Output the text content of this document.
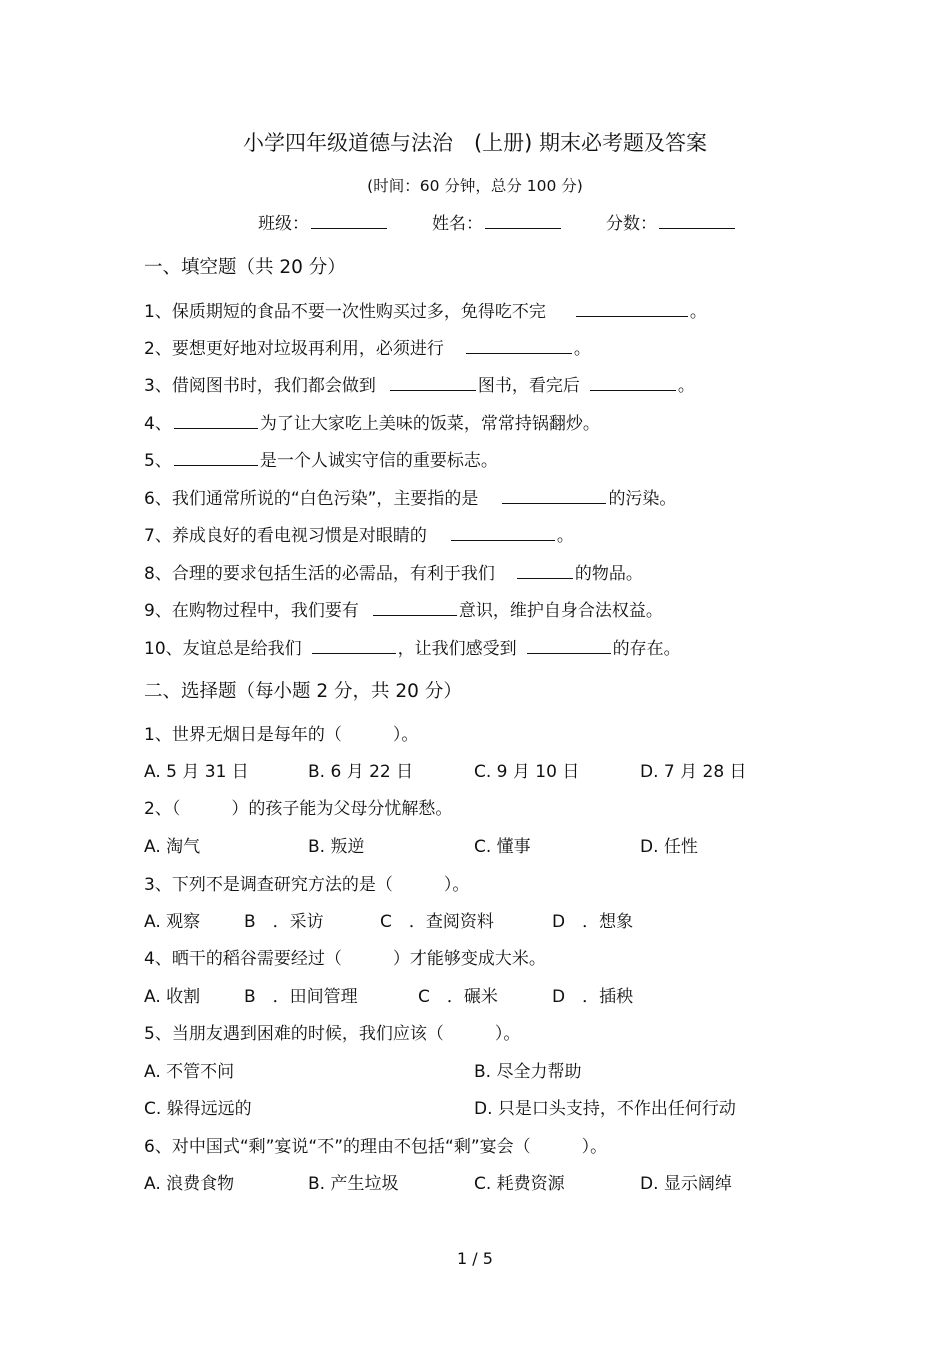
小学四年级道德与法治　(上册) 期末必考题及答案
(时间：60 分钟，总分 100 分)
班级：	姓名：	分数：
一、填空题（共 20 分）
1、保质期短的食品不要一次性购买过多，免得吃不完	。
2、要想更好地对垃圾再利用，必须进行	。
3、借阅图书时，我们都会做到	图书，看完后	。
4、	为了让大家吃上美味的饭菜，常常持锅翻炒。
5、	是一个人诚实守信的重要标志。
6、我们通常所说的“白色污染”，主要指的是	的污染。
7、养成良好的看电视习惯是对眼睛的	。
8、合理的要求包括生活的必需品，有利于我们	的物品。
9、在购物过程中，我们要有	意识，维护自身合法权益。
10、友谊总是给我们	，让我们感受到	的存在。
二、选择题（每小题 2 分，共 20 分）
1、世界无烟日是每年的（　　　）。
A. 5 月 31 日	B. 6 月 22 日	C. 9 月 10 日	D. 7 月 28 日
2、（　　　）的孩子能为父母分忧解愁。
A. 淘气	B. 叛逆	C. 懂事	D. 任性
3、下列不是调查研究方法的是（　　　）。
A. 观察	B　．采访	C　．查阅资料	D　．想象
4、晒干的稻谷需要经过（　　　）才能够变成大米。
A. 收割	B　．田间管理	C　．碾米	D　．插秧
5、当朋友遇到困难的时候，我们应该（　　　）。
A. 不管不问	B. 尽全力帮助
C. 躲得远远的	D. 只是口头支持，不作出任何行动
6、对中国式“剩”宴说“不”的理由不包括“剩”宴会（　　　）。
A. 浪费食物	B. 产生垃圾	C. 耗费资源	D. 显示阔绰
1 / 5
